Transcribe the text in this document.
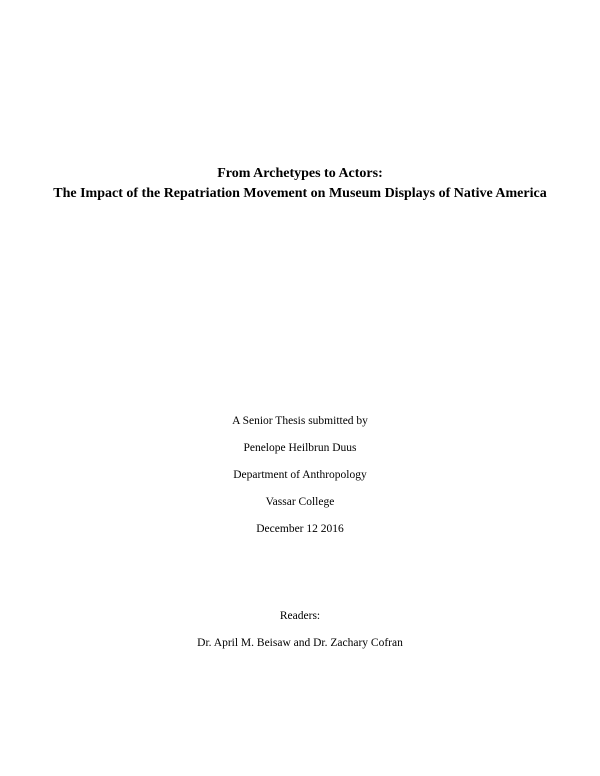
From Archetypes to Actors:
The Impact of the Repatriation Movement on Museum Displays of Native America
A Senior Thesis submitted by
Penelope Heilbrun Duus
Department of Anthropology
Vassar College
December 12 2016
Readers:
Dr. April M. Beisaw and Dr. Zachary Cofran
